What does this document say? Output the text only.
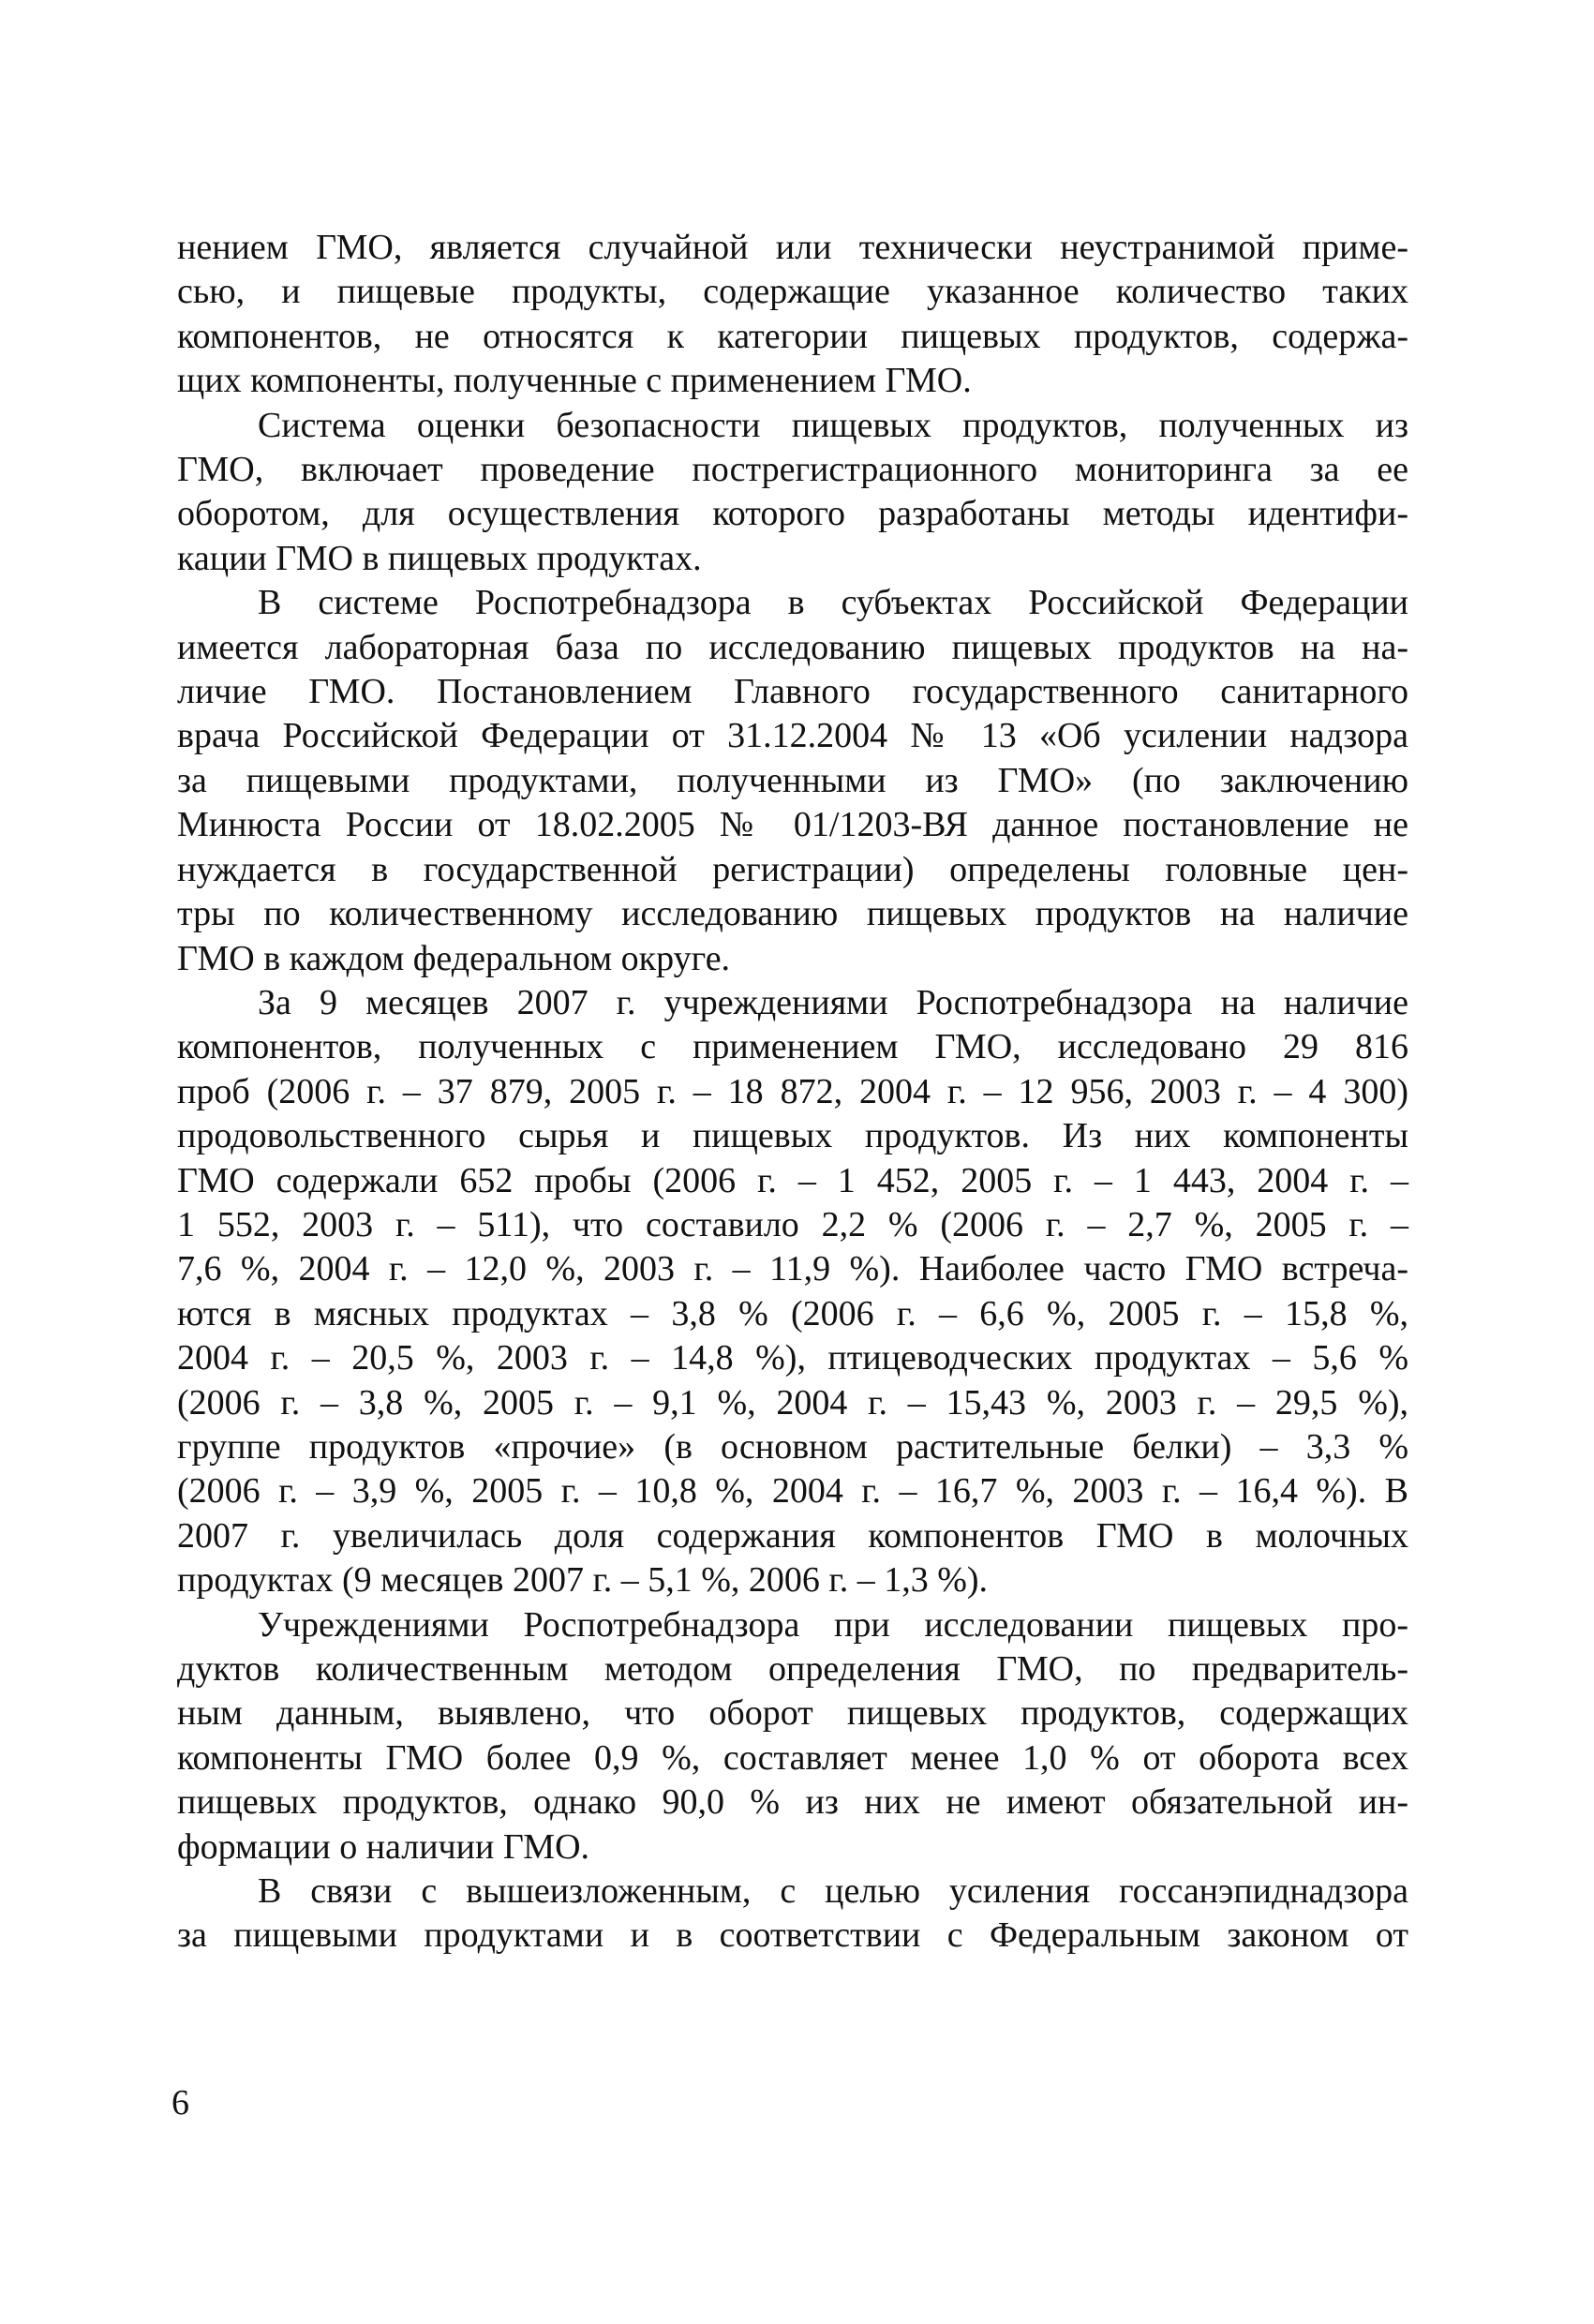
нением ГМО, является случайной или технически неустранимой приме-
сью, и пищевые продукты, содержащие указанное количество таких
компонентов, не относятся к категории пищевых продуктов, содержа-
щих компоненты, полученные с применением ГМО.

Система оценки безопасности пищевых продуктов, полученных из
ГМО, включает проведение пострегистрационного мониторинга за ее
оборотом, для осуществления которого разработаны методы идентифи-
кации ГМО в пищевых продуктах.

В системе Роспотребнадзора в субъектах Российской Федерации
имеется лабораторная база по исследованию пищевых продуктов на на-
личие ГМО. Постановлением Главного государственного санитарного
врача Российской Федерации от 31.12.2004 № 13 «Об усилении надзора
за пищевыми продуктами, полученными из ГМО» (по заключению
Минюста России от 18.02.2005 № 01/1203-ВЯ данное постановление не
нуждается в государственной регистрации) определены головные цен-
тры по количественному исследованию пищевых продуктов на наличие
ГМО в каждом федеральном округе.

За 9 месяцев 2007 г. учреждениями Роспотребнадзора на наличие
компонентов, полученных с применением ГМО, исследовано 29 816
проб (2006 г. – 37 879, 2005 г. – 18 872, 2004 г. – 12 956, 2003 г. – 4 300)
продовольственного сырья и пищевых продуктов. Из них компоненты
ГМО содержали 652 пробы (2006 г. – 1 452, 2005 г. – 1 443, 2004 г. –
1 552, 2003 г. – 511), что составило 2,2 % (2006 г. – 2,7 %, 2005 г. –
7,6 %, 2004 г. – 12,0 %, 2003 г. – 11,9 %). Наиболее часто ГМО встреча-
ются в мясных продуктах – 3,8 % (2006 г. – 6,6 %, 2005 г. – 15,8 %,
2004 г. – 20,5 %, 2003 г. – 14,8 %), птицеводческих продуктах – 5,6 %
(2006 г. – 3,8 %, 2005 г. – 9,1 %, 2004 г. – 15,43 %, 2003 г. – 29,5 %),
группе продуктов «прочие» (в основном растительные белки) – 3,3 %
(2006 г. – 3,9 %, 2005 г. – 10,8 %, 2004 г. – 16,7 %, 2003 г. – 16,4 %). В
2007 г. увеличилась доля содержания компонентов ГМО в молочных
продуктах (9 месяцев 2007 г. – 5,1 %, 2006 г. – 1,3 %).

Учреждениями Роспотребнадзора при исследовании пищевых про-
дуктов количественным методом определения ГМО, по предваритель-
ным данным, выявлено, что оборот пищевых продуктов, содержащих
компоненты ГМО более 0,9 %, составляет менее 1,0 % от оборота всех
пищевых продуктов, однако 90,0 % из них не имеют обязательной ин-
формации о наличии ГМО.

В связи с вышеизложенным, с целью усиления госсанэпиднадзора
за пищевыми продуктами и в соответствии с Федеральным законом от

6
